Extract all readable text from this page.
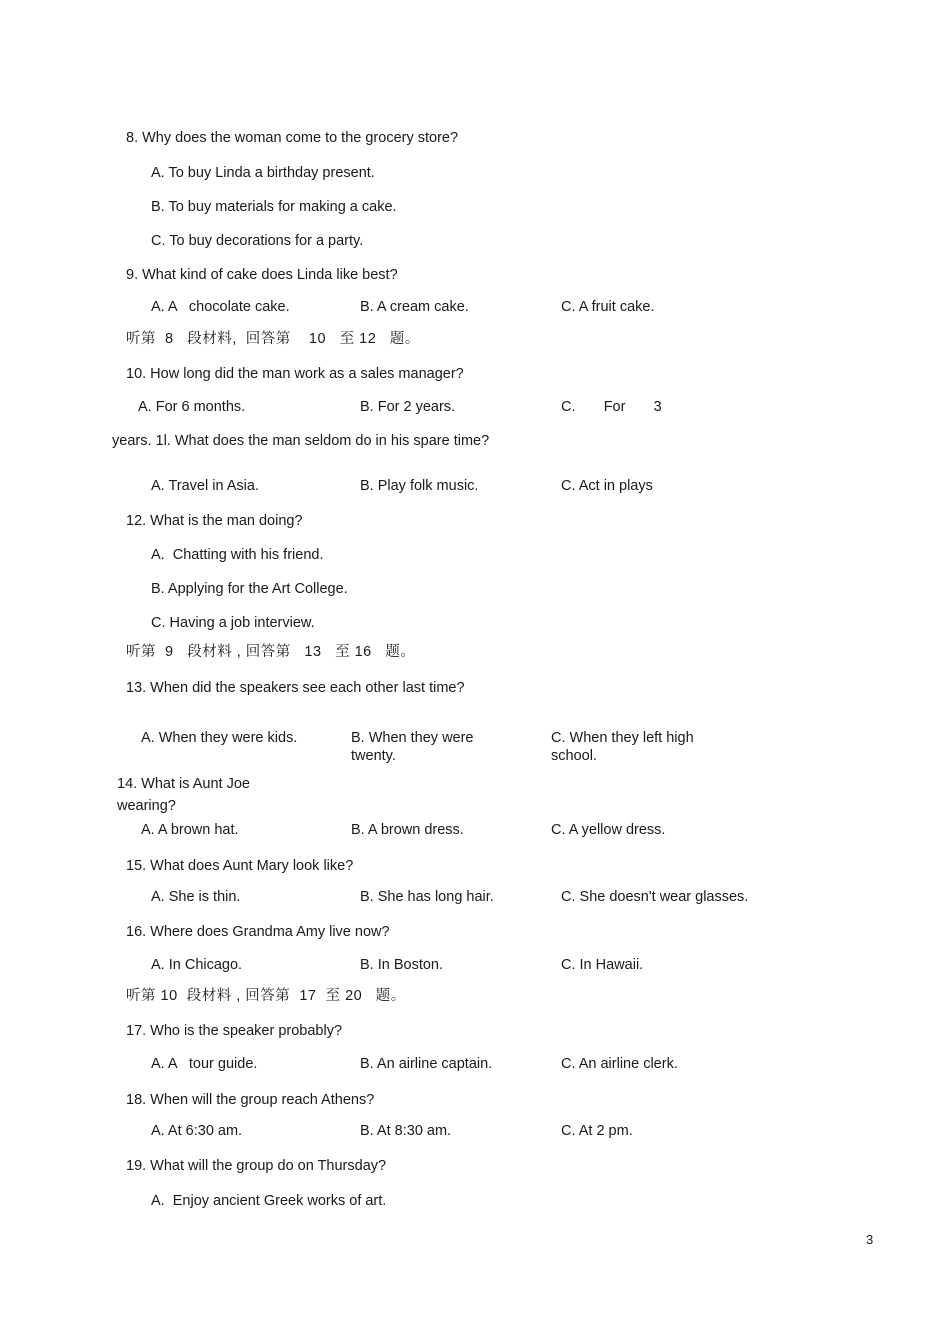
8. Why does the woman come to the grocery store?
A. To buy Linda a birthday present.
B. To buy materials for making a cake.
C. To buy decorations for a party.
9. What kind of cake does Linda like best?
A. A   chocolate cake.	B. A cream cake.	C. A fruit cake.
听第  8   段材料,  回答第    10   至 12   题。
10. How long did the man work as a sales manager?
A. For 6 months.	B. For 2 years.	C.       For       3
years. 1l. What does the man seldom do in his spare time?
A. Travel in Asia.	B. Play folk music.	C. Act in plays
12. What is the man doing?
A.  Chatting with his friend.
B. Applying for the Art College.
C. Having a job interview.
听第  9   段材料 , 回答第   13   至 16   题。
13. When did the speakers see each other last time?
A. When they were kids.	B. When they were twenty.
C. When they left high school.
14. What is Aunt Joe wearing?
A. A brown hat.	B. A brown dress.	C. A yellow dress.
15. What does Aunt Mary look like?
A. She is thin.	B. She has long hair.	C. She doesn't wear glasses.
16. Where does Grandma Amy live now?
A. In Chicago.	B. In Boston.	C. In Hawaii.
听第 10  段材料 , 回答第  17  至 20   题。
17. Who is the speaker probably?
A. A   tour guide.	B. An airline captain.	C. An airline clerk.
18. When will the group reach Athens?
A. At 6:30 am.	B. At 8:30 am.	C. At 2 pm.
19. What will the group do on Thursday?
A.  Enjoy ancient Greek works of art.
3
